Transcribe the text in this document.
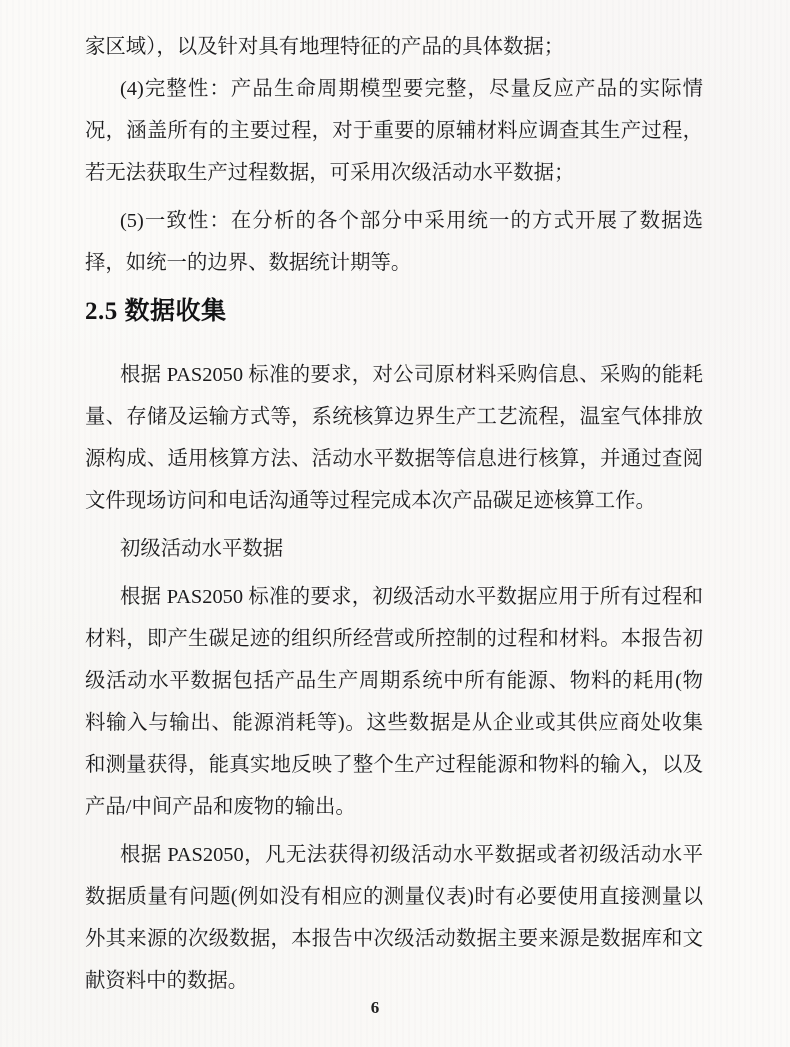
家区域），以及针对具有地理特征的产品的具体数据；

(4)完整性：产品生命周期模型要完整，尽量反应产品的实际情况，涵盖所有的主要过程，对于重要的原辅材料应调查其生产过程，若无法获取生产过程数据，可采用次级活动水平数据；

(5)一致性：在分析的各个部分中采用统一的方式开展了数据选择，如统一的边界、数据统计期等。

2.5 数据收集

根据 PAS2050 标准的要求，对公司原材料采购信息、采购的能耗量、存储及运输方式等，系统核算边界生产工艺流程，温室气体排放源构成、适用核算方法、活动水平数据等信息进行核算，并通过查阅文件现场访问和电话沟通等过程完成本次产品碳足迹核算工作。

初级活动水平数据

根据 PAS2050 标准的要求，初级活动水平数据应用于所有过程和材料，即产生碳足迹的组织所经营或所控制的过程和材料。本报告初级活动水平数据包括产品生产周期系统中所有能源、物料的耗用(物料输入与输出、能源消耗等)。这些数据是从企业或其供应商处收集和测量获得，能真实地反映了整个生产过程能源和物料的输入，以及产品/中间产品和废物的输出。

根据 PAS2050，凡无法获得初级活动水平数据或者初级活动水平数据质量有问题(例如没有相应的测量仪表)时有必要使用直接测量以外其来源的次级数据，本报告中次级活动数据主要来源是数据库和文献资料中的数据。

6
